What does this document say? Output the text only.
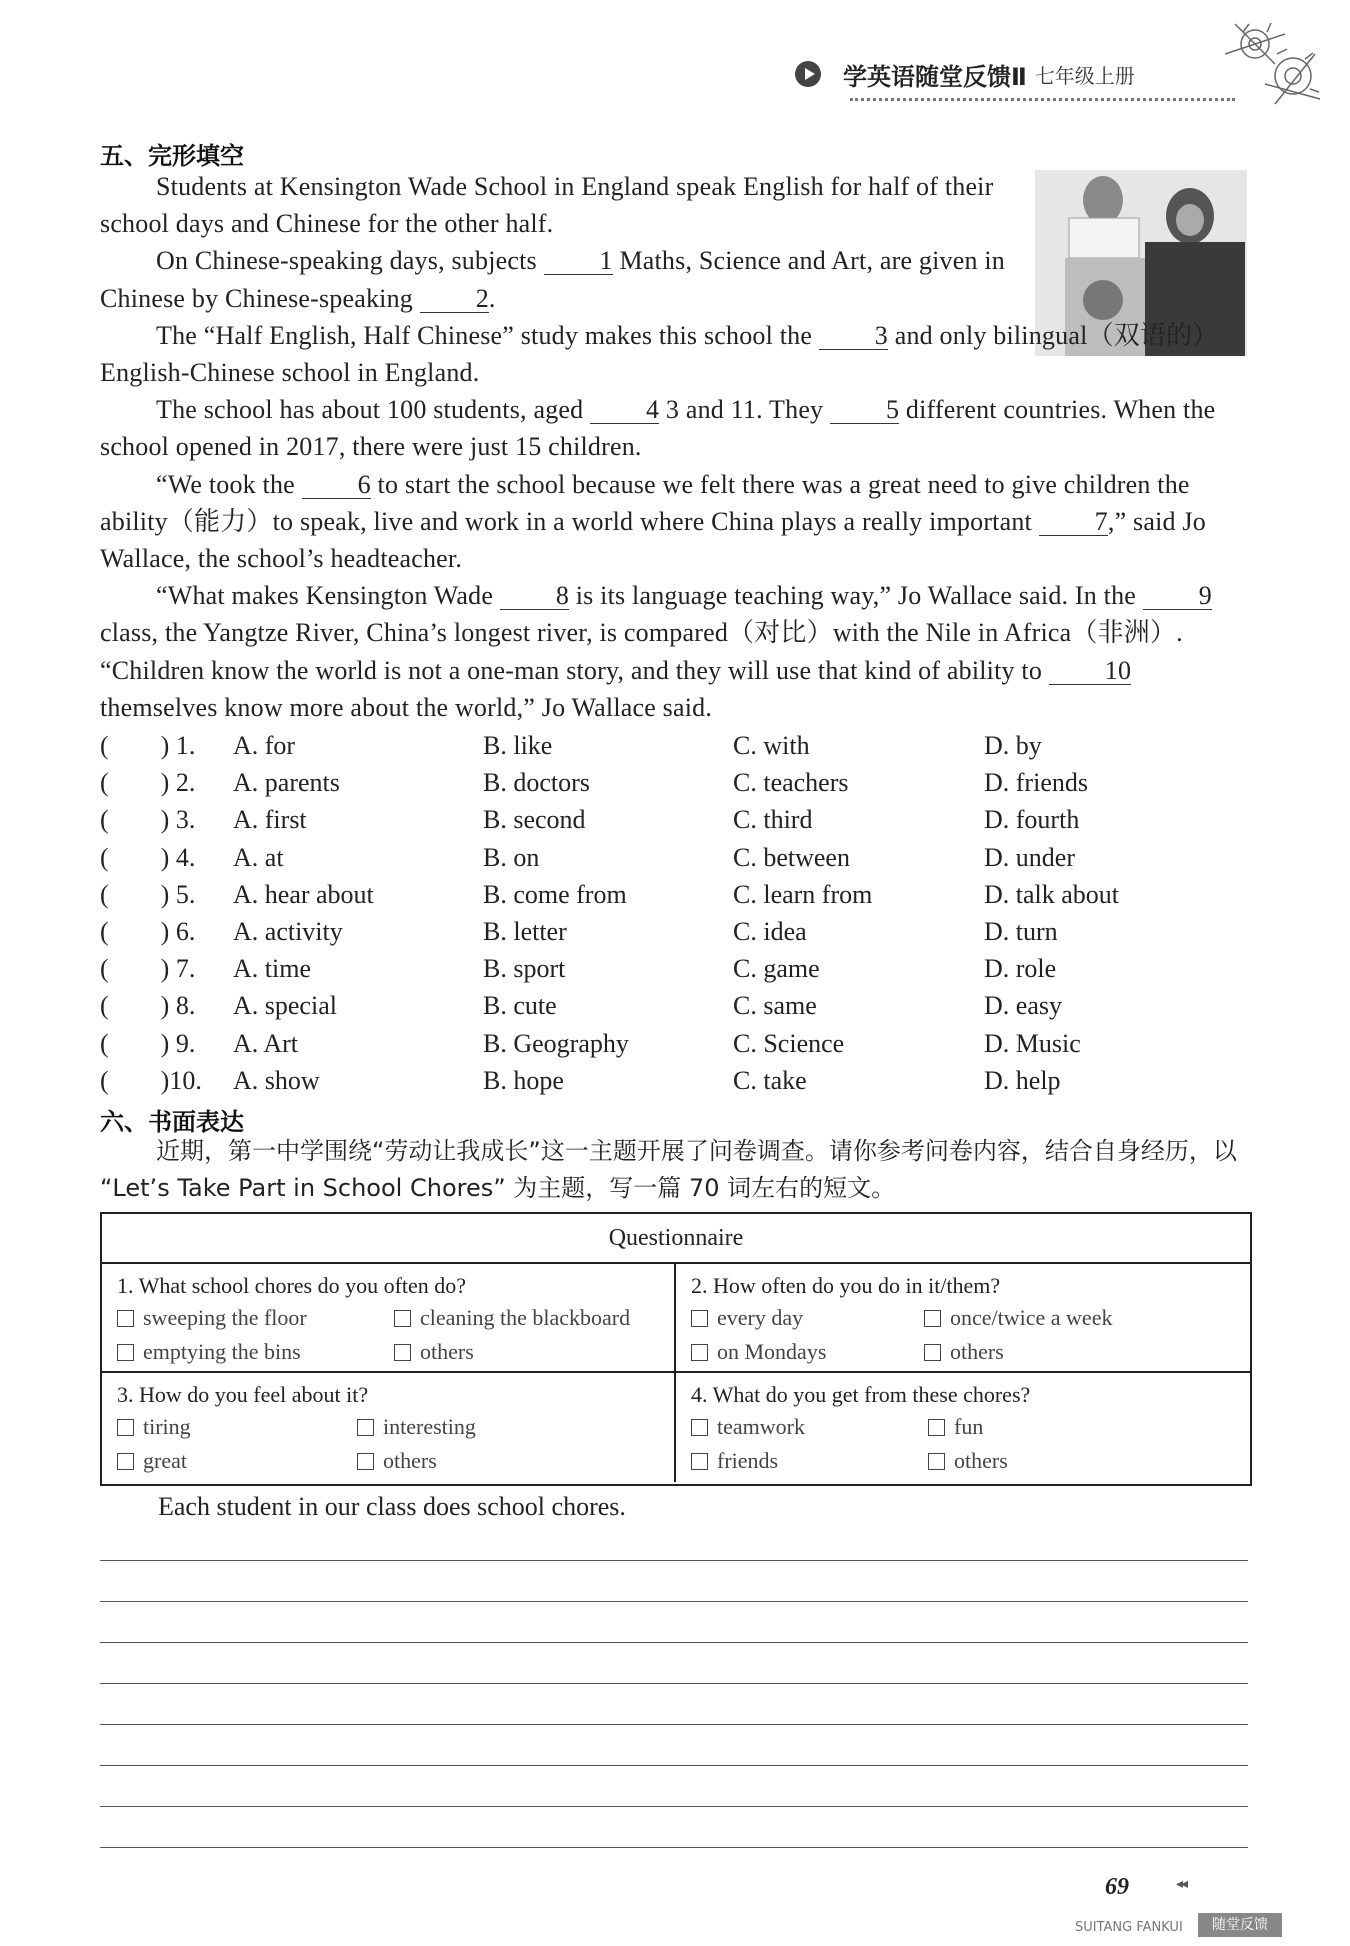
学英语随堂反馈Ⅱ 七年级上册
五、完形填空

Students at Kensington Wade School in England speak English for half of their school days and Chinese for the other half.

On Chinese-speaking days, subjects 1 Maths, Science and Art, are given in Chinese by Chinese-speaking 2.

The “Half English, Half Chinese” study makes this school the 3 and only bilingual（双语的）English-Chinese school in England.

The school has about 100 students, aged 4 3 and 11. They 5 different countries. When the school opened in 2017, there were just 15 children.

“We took the 6 to start the school because we felt there was a great need to give children the ability（能力）to speak, live and work in a world where China plays a really important 7,” said Jo Wallace, the school’s headteacher.

“What makes Kensington Wade 8 is its language teaching way,” Jo Wallace said. In the 9 class, the Yangtze River, China’s longest river, is compared（对比）with the Nile in Africa（非洲）. “Children know the world is not a one-man story, and they will use that kind of ability to 10 themselves know more about the world,” Jo Wallace said.

(  ) 1. A. for	B. like	C. with	D. by
(  ) 2. A. parents	B. doctors	C. teachers	D. friends
(  ) 3. A. first	B. second	C. third	D. fourth
(  ) 4. A. at	B. on	C. between	D. under
(  ) 5. A. hear about	B. come from	C. learn from	D. talk about
(  ) 6. A. activity	B. letter	C. idea	D. turn
(  ) 7. A. time	B. sport	C. game	D. role
(  ) 8. A. special	B. cute	C. same	D. easy
(  ) 9. A. Art	B. Geography	C. Science	D. Music
(  )10. A. show	B. hope	C. take	D. help
六、书面表达

近期，第一中学围绕“劳动让我成长”这一主题开展了问卷调查。请你参考问卷内容，结合自身经历，以 “Let’s Take Part in School Chores” 为主题，写一篇 70 词左右的短文。

Questionnaire
1. What school chores do you often do?
sweeping the floor	cleaning the blackboard
emptying the bins	others
2. How often do you do in it/them?
every day	once/twice a week
on Mondays	others
3. How do you feel about it?
tiring	interesting
great	others
4. What do you get from these chores?
teamwork	fun
friends	others
Each student in our class does school chores.
69	◂◂
SUITANG FANKUI	随堂反馈
